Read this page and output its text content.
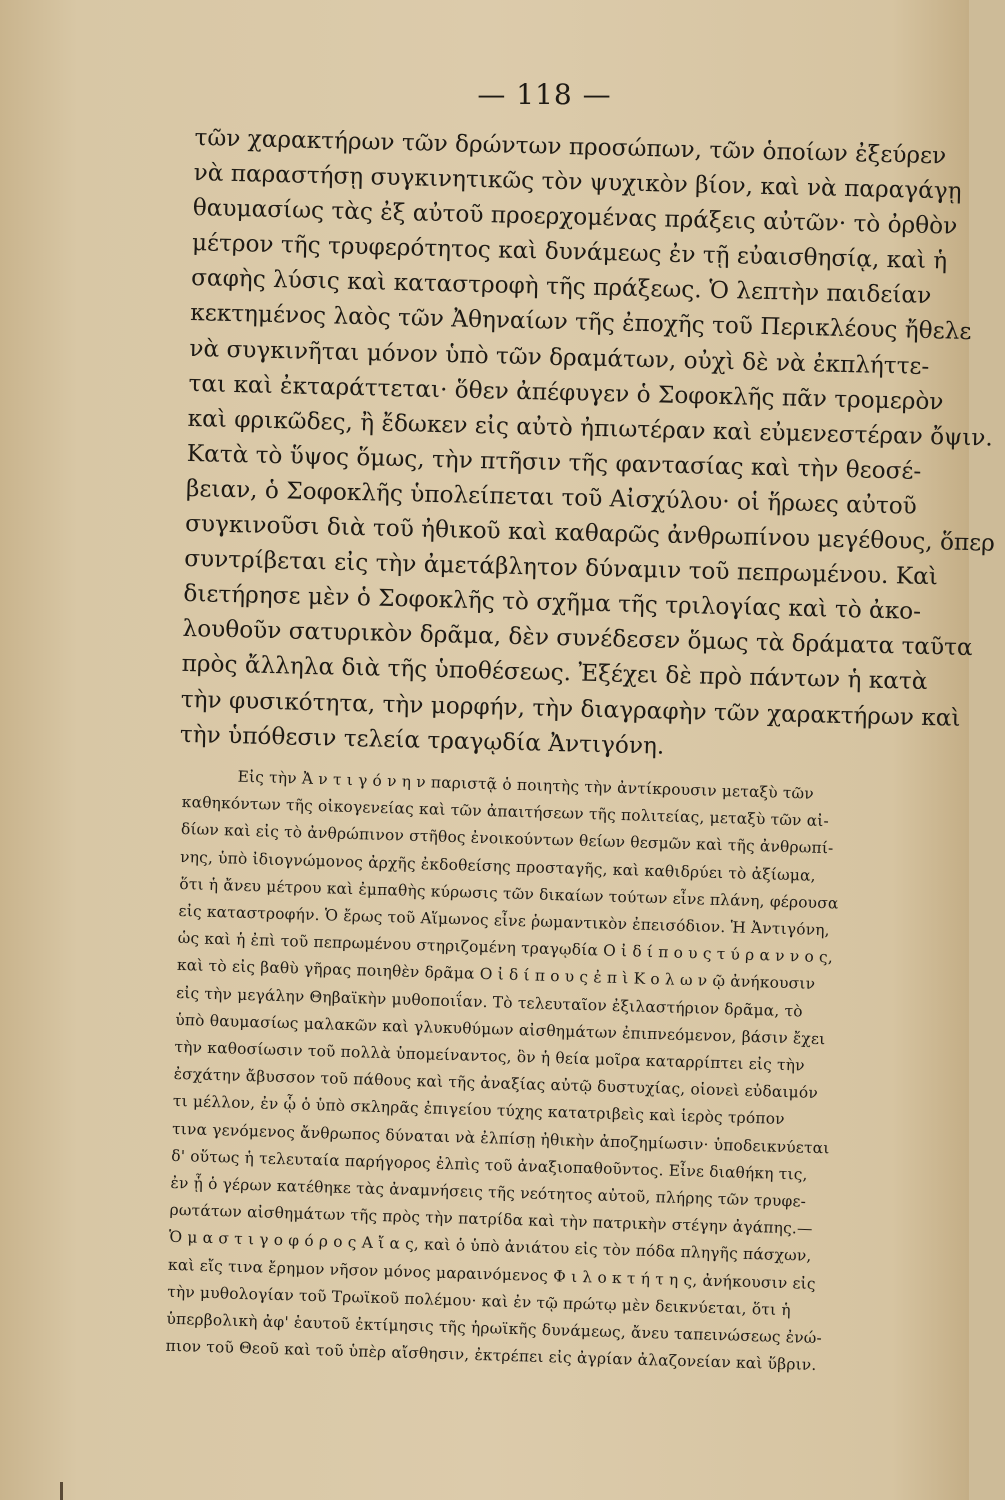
— 118 —
τῶν χαρακτήρων τῶν δρώντων προσώπων, τῶν ὁποίων ἐξεύρεν
νὰ παραστήσῃ συγκινητικῶς τὸν ψυχικὸν βίον, καὶ νὰ παραγάγῃ
θαυμασίως τὰς ἐξ αὐτοῦ προερχομένας πράξεις αὐτῶν· τὸ ὀρθὸν
μέτρον τῆς τρυφερότητος καὶ δυνάμεως ἐν τῇ εὐαισθησίᾳ, καὶ ἡ
σαφὴς λύσις καὶ καταστροφὴ τῆς πράξεως. Ὁ λεπτὴν παιδείαν
κεκτημένος λαὸς τῶν Ἀθηναίων τῆς ἐποχῆς τοῦ Περικλέους ἤθελε
νὰ συγκινῆται μόνον ὑπὸ τῶν δραμάτων, οὐχὶ δὲ νὰ ἐκπλήττε-
ται καὶ ἐκταράττεται· ὅθεν ἀπέφυγεν ὁ Σοφοκλῆς πᾶν τρομερὸν
καὶ φρικῶδες, ἢ ἔδωκεν εἰς αὐτὸ ἠπιωτέραν καὶ εὐμενεστέραν ὄψιν.
Κατὰ τὸ ὕψος ὅμως, τὴν πτῆσιν τῆς φαντασίας καὶ τὴν θεοσέ-
βειαν, ὁ Σοφοκλῆς ὑπολείπεται τοῦ Αἰσχύλου· οἱ ἥρωες αὐτοῦ
συγκινοῦσι διὰ τοῦ ἠθικοῦ καὶ καθαρῶς ἀνθρωπίνου μεγέθους, ὅπερ
συντρίβεται εἰς τὴν ἀμετάβλητον δύναμιν τοῦ πεπρωμένου. Καὶ
διετήρησε μὲν ὁ Σοφοκλῆς τὸ σχῆμα τῆς τριλογίας καὶ τὸ ἀκο-
λουθοῦν σατυρικὸν δρᾶμα, δὲν συνέδεσεν ὅμως τὰ δράματα ταῦτα
πρὸς ἄλληλα διὰ τῆς ὑποθέσεως. Ἐξέχει δὲ πρὸ πάντων ἡ κατὰ
τὴν φυσικότητα, τὴν μορφήν, τὴν διαγραφὴν τῶν χαρακτήρων καὶ
τὴν ὑπόθεσιν τελεία τραγῳδία Ἀντιγόνη.
Εἰς τὴν Ἀ ν τ ι γ ό ν η ν παριστᾷ ὁ ποιητὴς τὴν ἀντίκρουσιν μεταξὺ τῶν
καθηκόντων τῆς οἰκογενείας καὶ τῶν ἀπαιτήσεων τῆς πολιτείας, μεταξὺ τῶν αἰ-
δίων καὶ εἰς τὸ ἀνθρώπινον στῆθος ἐνοικούντων θείων θεσμῶν καὶ τῆς ἀνθρωπί-
νης, ὑπὸ ἰδιογνώμονος ἀρχῆς ἐκδοθείσης προσταγῆς, καὶ καθιδρύει τὸ ἀξίωμα,
ὅτι ἡ ἄνευ μέτρου καὶ ἐμπαθὴς κύρωσις τῶν δικαίων τούτων εἶνε πλάνη, φέρουσα
εἰς καταστροφήν. Ὁ ἔρως τοῦ Αἵμωνος εἶνε ῥωμαντικὸν ἐπεισόδιον. Ἡ Ἀντιγόνη,
ὡς καὶ ἡ ἐπὶ τοῦ πεπρωμένου στηριζομένη τραγῳδία Ο ἰ δ ί π ο υ ς τ ύ ρ α ν ν ο ς,
καὶ τὸ εἰς βαθὺ γῆρας ποιηθὲν δρᾶμα Ο ἰ δ ί π ο υ ς ἐ π ὶ Κ ο λ ω ν ῷ ἀνήκουσιν
εἰς τὴν μεγάλην Θηβαϊκὴν μυθοποιΐαν. Τὸ τελευταῖον ἐξιλαστήριον δρᾶμα, τὸ
ὑπὸ θαυμασίως μαλακῶν καὶ γλυκυθύμων αἰσθημάτων ἐπιπνεόμενον, βάσιν ἔχει
τὴν καθοσίωσιν τοῦ πολλὰ ὑπομείναντος, ὃν ἡ θεία μοῖρα καταρρίπτει εἰς τὴν
ἐσχάτην ἄβυσσον τοῦ πάθους καὶ τῆς ἀναξίας αὐτῷ δυστυχίας, οἱονεὶ εὐδαιμόν
τι μέλλον, ἐν ᾧ ὁ ὑπὸ σκληρᾶς ἐπιγείου τύχης κατατριβεὶς καὶ ἱερὸς τρόπον
τινα γενόμενος ἄνθρωπος δύναται νὰ ἐλπίσῃ ἠθικὴν ἀποζημίωσιν· ὑποδεικνύεται
δ' οὕτως ἡ τελευταία παρήγορος ἐλπὶς τοῦ ἀναξιοπαθοῦντος. Εἶνε διαθήκη τις,
ἐν ᾗ ὁ γέρων κατέθηκε τὰς ἀναμνήσεις τῆς νεότητος αὐτοῦ, πλήρης τῶν τρυφε-
ρωτάτων αἰσθημάτων τῆς πρὸς τὴν πατρίδα καὶ τὴν πατρικὴν στέγην ἀγάπης.—
Ὁ μ α σ τ ι γ ο φ ό ρ ο ς Α ἴ α ς, καὶ ὁ ὑπὸ ἀνιάτου εἰς τὸν πόδα πληγῆς πάσχων,
καὶ εἴς τινα ἔρημον νῆσον μόνος μαραινόμενος Φ ι λ ο κ τ ή τ η ς, ἀνήκουσιν εἰς
τὴν μυθολογίαν τοῦ Τρωϊκοῦ πολέμου· καὶ ἐν τῷ πρώτῳ μὲν δεικνύεται, ὅτι ἡ
ὑπερβολικὴ ἀφ' ἑαυτοῦ ἐκτίμησις τῆς ἡρωϊκῆς δυνάμεως, ἄνευ ταπεινώσεως ἐνώ-
πιον τοῦ Θεοῦ καὶ τοῦ ὑπὲρ αἴσθησιν, ἐκτρέπει εἰς ἀγρίαν ἀλαζονείαν καὶ ὕβριν.
